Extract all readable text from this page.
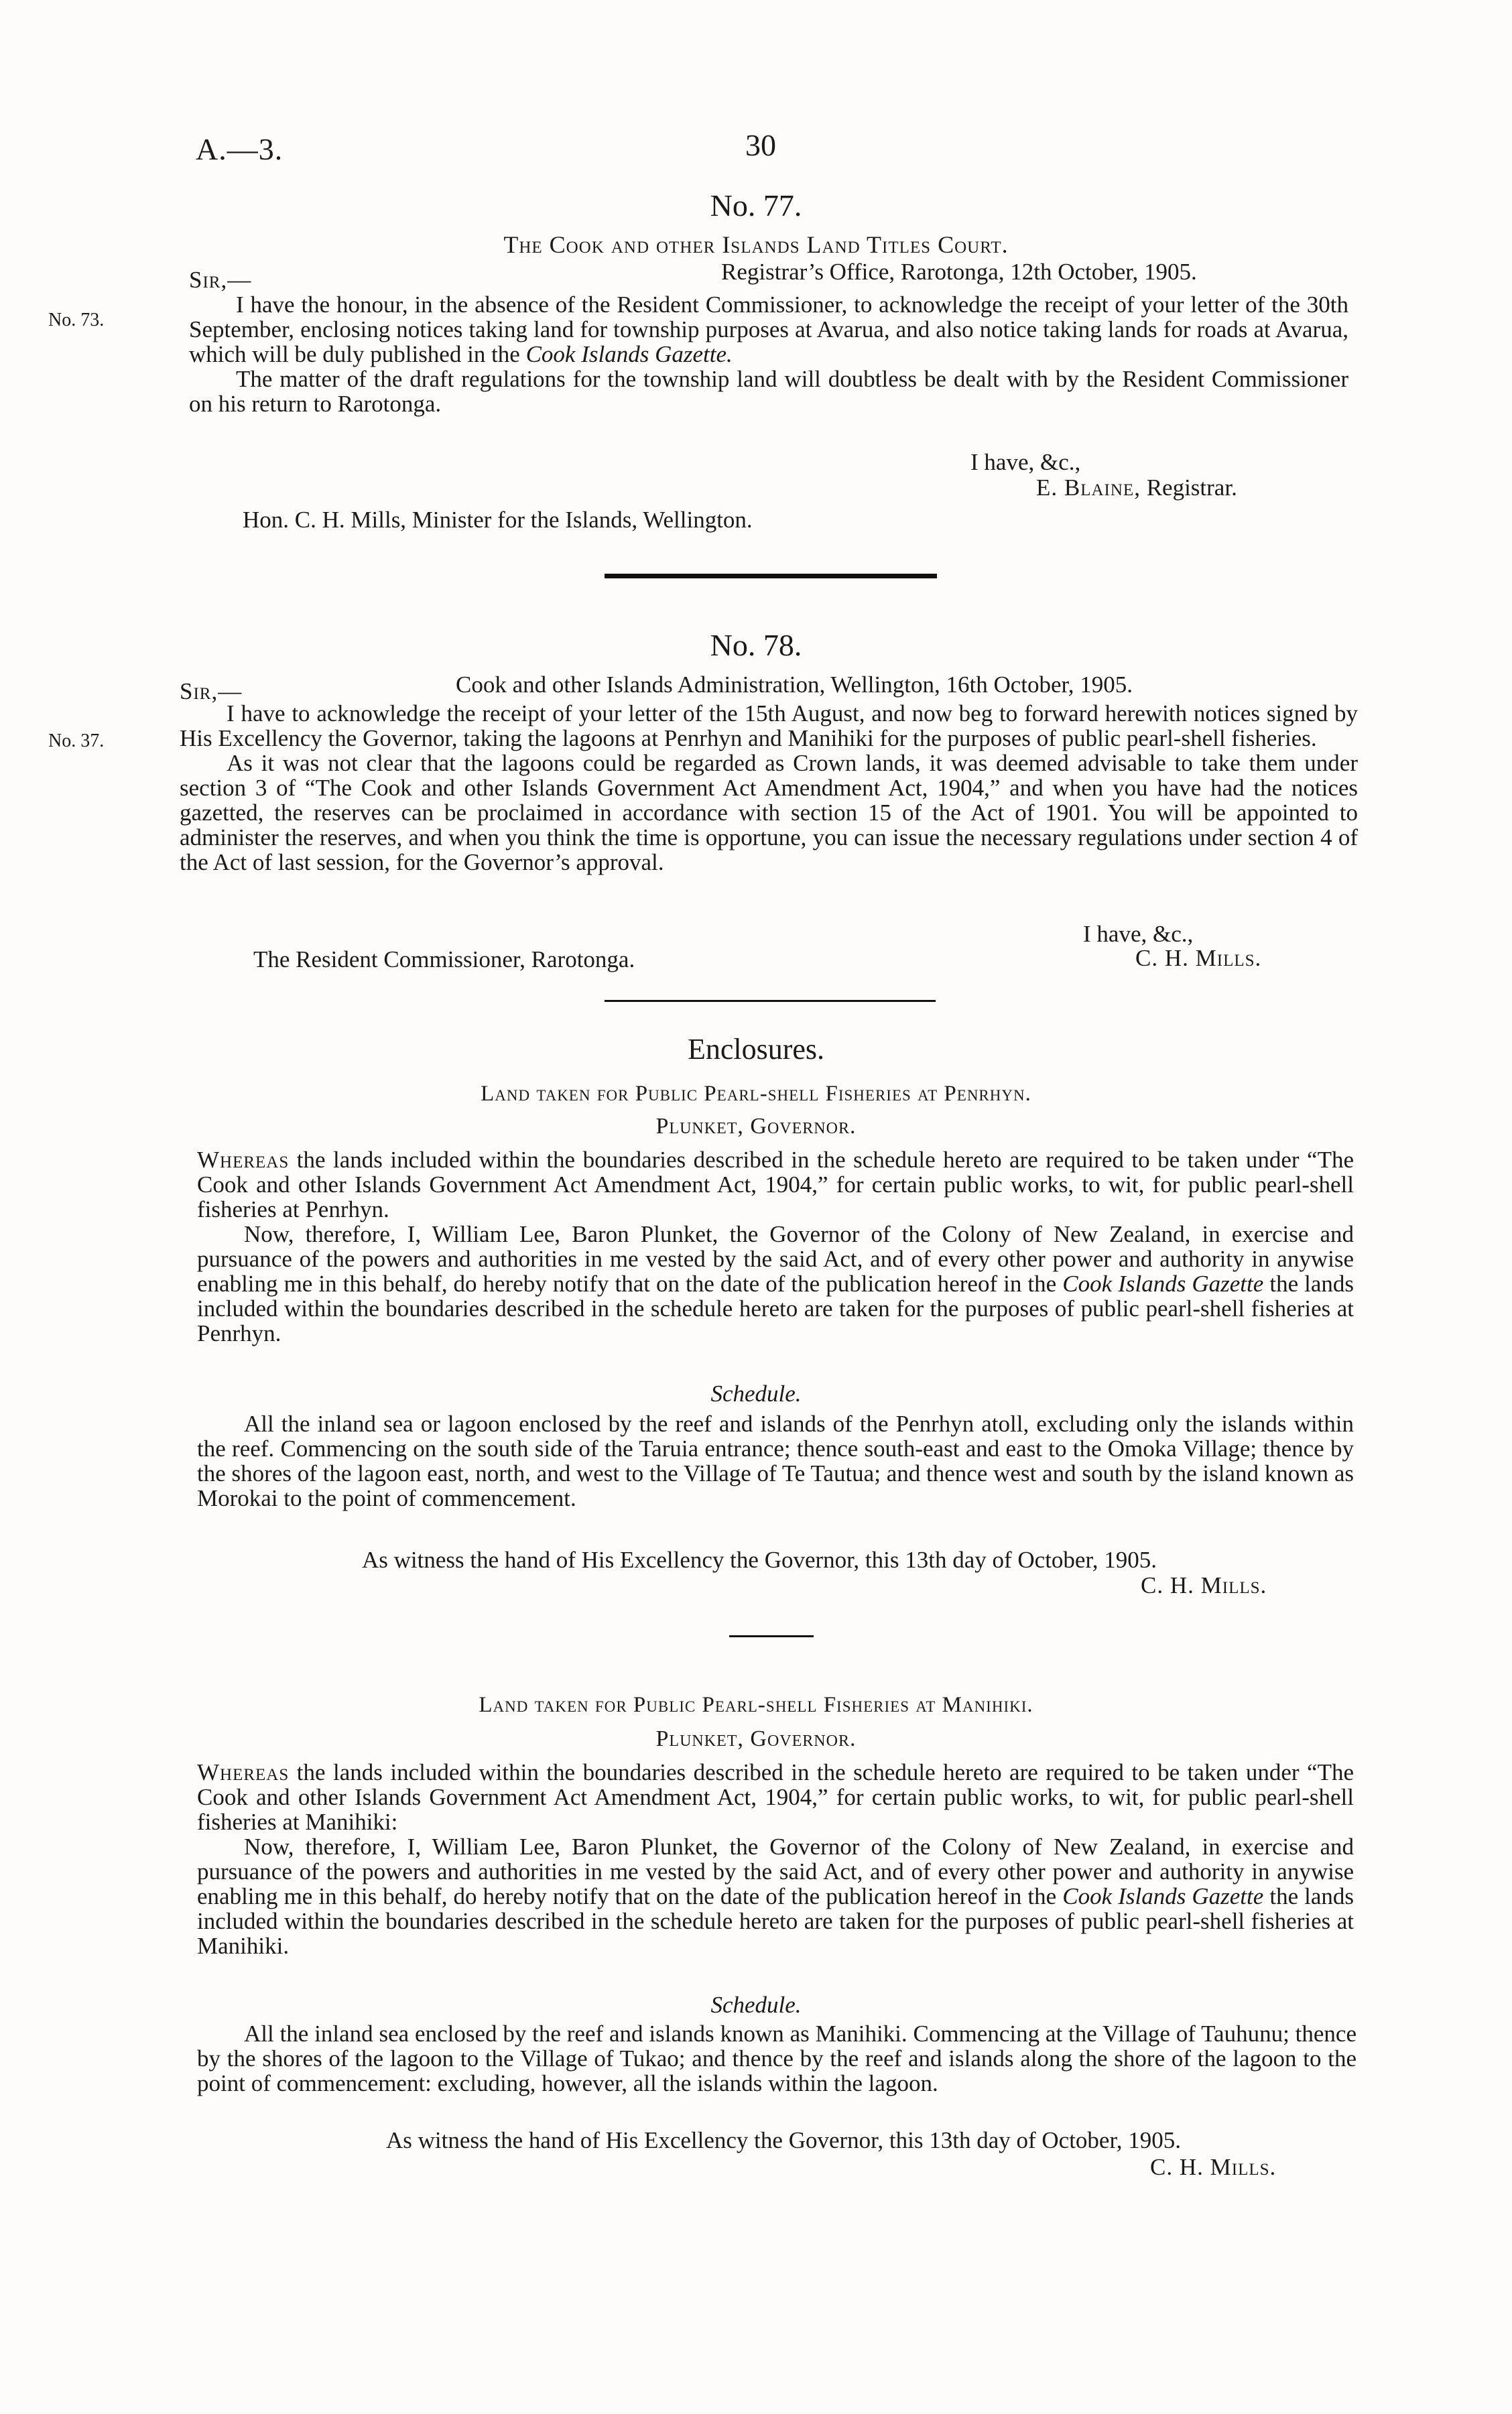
A.—3.	30
No. 77.
The Cook and other Islands Land Titles Court.
No. 73.
Sir,—	Registrar’s Office, Rarotonga, 12th October, 1905.

I have the honour, in the absence of the Resident Commissioner, to acknowledge the receipt of your letter of the 30th September, enclosing notices taking land for township purposes at Avarua, and also notice taking lands for roads at Avarua, which will be duly published in the Cook Islands Gazette.

The matter of the draft regulations for the township land will doubtless be dealt with by the Resident Commissioner on his return to Rarotonga.

I have, &c.,
E. Blaine, Registrar.
Hon. C. H. Mills, Minister for the Islands, Wellington.
No. 78.
Sir,—	Cook and other Islands Administration, Wellington, 16th October, 1905.
No. 37.

I have to acknowledge the receipt of your letter of the 15th August, and now beg to forward herewith notices signed by His Excellency the Governor, taking the lagoons at Penrhyn and Manihiki for the purposes of public pearl-shell fisheries.

As it was not clear that the lagoons could be regarded as Crown lands, it was deemed advisable to take them under section 3 of “The Cook and other Islands Government Act Amendment Act, 1904,” and when you have had the notices gazetted, the reserves can be proclaimed in accordance with section 15 of the Act of 1901. You will be appointed to administer the reserves, and when you think the time is opportune, you can issue the necessary regulations under section 4 of the Act of last session, for the Governor’s approval.

I have, &c.,
The Resident Commissioner, Rarotonga.	C. H. Mills.
Enclosures.
Land taken for Public Pearl-shell Fisheries at Penrhyn.
Plunket, Governor.

Whereas the lands included within the boundaries described in the schedule hereto are required to be taken under “The Cook and other Islands Government Act Amendment Act, 1904,” for certain public works, to wit, for public pearl-shell fisheries at Penrhyn.

Now, therefore, I, William Lee, Baron Plunket, the Governor of the Colony of New Zealand, in exercise and pursuance of the powers and authorities in me vested by the said Act, and of every other power and authority in anywise enabling me in this behalf, do hereby notify that on the date of the publication hereof in the Cook Islands Gazette the lands included within the boundaries described in the schedule hereto are taken for the purposes of public pearl-shell fisheries at Penrhyn.

Schedule.

All the inland sea or lagoon enclosed by the reef and islands of the Penrhyn atoll, excluding only the islands within the reef. Commencing on the south side of the Taruia entrance; thence south-east and east to the Omoka Village; thence by the shores of the lagoon east, north, and west to the Village of Te Tautua; and thence west and south by the island known as Morokai to the point of commencement.

As witness the hand of His Excellency the Governor, this 13th day of October, 1905.
C. H. Mills.
Land taken for Public Pearl-shell Fisheries at Manihiki.
Plunket, Governor.

Whereas the lands included within the boundaries described in the schedule hereto are required to be taken under “The Cook and other Islands Government Act Amendment Act, 1904,” for certain public works, to wit, for public pearl-shell fisheries at Manihiki:

Now, therefore, I, William Lee, Baron Plunket, the Governor of the Colony of New Zealand, in exercise and pursuance of the powers and authorities in me vested by the said Act, and of every other power and authority in anywise enabling me in this behalf, do hereby notify that on the date of the publication hereof in the Cook Islands Gazette the lands included within the boundaries described in the schedule hereto are taken for the purposes of public pearl-shell fisheries at Manihiki.

Schedule.

All the inland sea enclosed by the reef and islands known as Manihiki. Commencing at the Village of Tauhunu; thence by the shores of the lagoon to the Village of Tukao; and thence by the reef and islands along the shore of the lagoon to the point of commencement: excluding, however, all the islands within the lagoon.

As witness the hand of His Excellency the Governor, this 13th day of October, 1905.
C. H. Mills.
